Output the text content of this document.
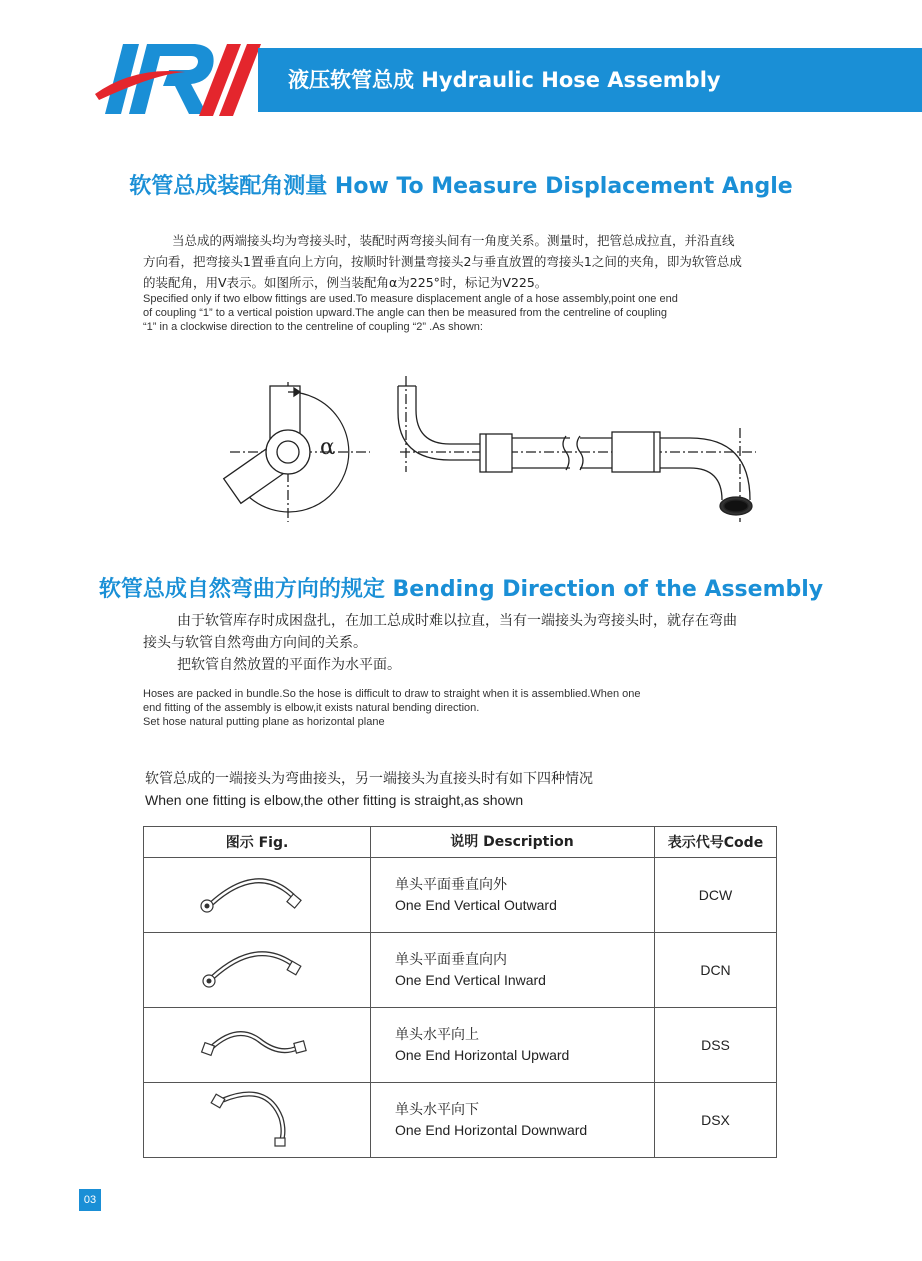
液压软管总成 Hydraulic Hose Assembly
软管总成装配角测量 How To Measure Displacement Angle
当总成的两端接头均为弯接头时，装配时两弯接头间有一角度关系。测量时，把管总成拉直，并沿直线
方向看，把弯接头1置垂直向上方向，按顺时针测量弯接头2与垂直放置的弯接头1之间的夹角，即为软管总成
的装配角，用V表示。如图所示，例当装配角α为225°时，标记为V225。
Specified only if two elbow fittings are used.To measure displacement angle of a hose assembly,point one end
of coupling “1” to a vertical poistion upward.The angle can then be measured from the centreline of coupling
“1” in a clockwise direction to the centreline of coupling “2” .As shown:
α
软管总成自然弯曲方向的规定 Bending Direction of the Assembly
由于软管库存时成困盘扎，在加工总成时难以拉直，当有一端接头为弯接头时，就存在弯曲
接头与软管自然弯曲方向间的关系。
把软管自然放置的平面作为水平面。
Hoses are packed in bundle.So the hose is difficult to draw to straight when it is assemblied.When one
end fitting of the assembly is elbow,it exists natural bending direction.
Set hose natural putting plane as horizontal plane
软管总成的一端接头为弯曲接头，另一端接头为直接头时有如下四种情况
When one fitting is elbow,the other fitting is straight,as shown
图示 Fig.	说明 Description	表示代号Code

单头平面垂直向外
One End Vertical Outward	DCW

单头平面垂直向内
One End Vertical Inward	DCN

单头水平向上
One End Horizontal Upward	DSS

单头水平向下
One End Horizontal Downward	DSX
03
